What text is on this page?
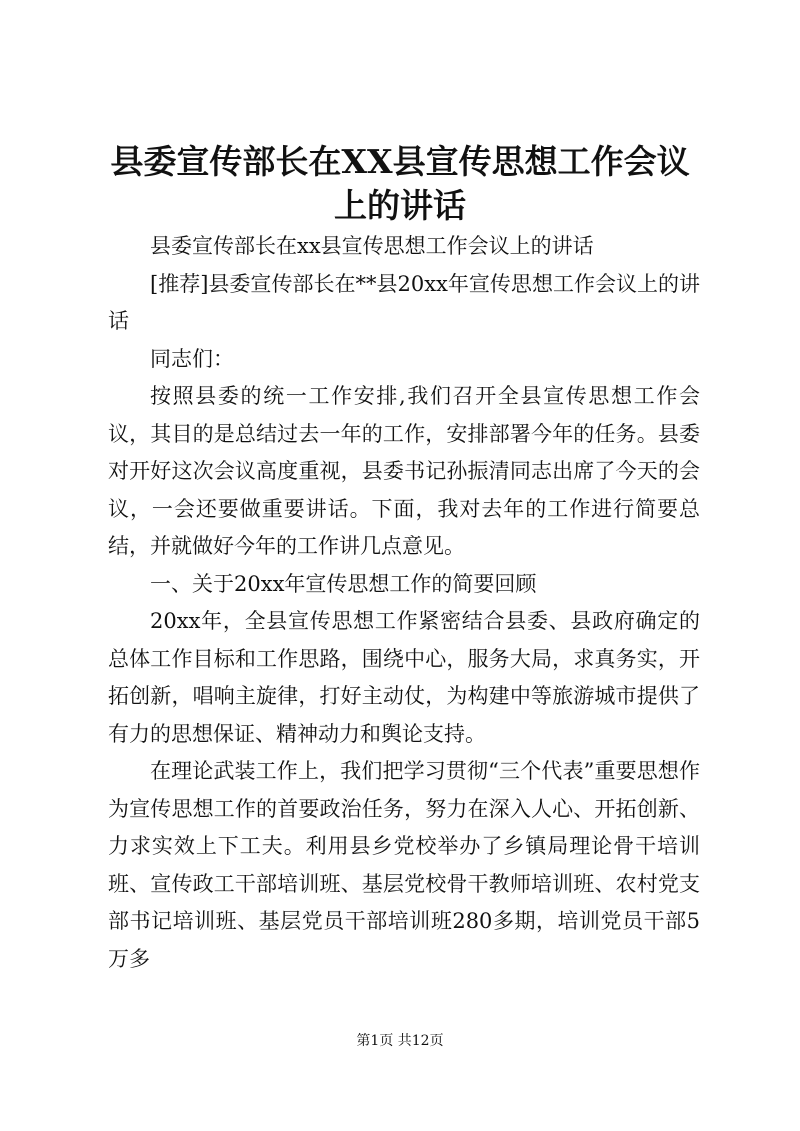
县委宣传部长在XX县宣传思想工作会议上的讲话

县委宣传部长在xx县宣传思想工作会议上的讲话

[推荐]县委宣传部长在**县20xx年宣传思想工作会议上的讲话

同志们：

按照县委的统一工作安排,我们召开全县宣传思想工作会议，其目的是总结过去一年的工作，安排部署今年的任务。县委对开好这次会议高度重视，县委书记孙振清同志出席了今天的会议，一会还要做重要讲话。下面，我对去年的工作进行简要总结，并就做好今年的工作讲几点意见。

一、关于20xx年宣传思想工作的简要回顾

20xx年，全县宣传思想工作紧密结合县委、县政府确定的总体工作目标和工作思路，围绕中心，服务大局，求真务实，开拓创新，唱响主旋律，打好主动仗，为构建中等旅游城市提供了有力的思想保证、精神动力和舆论支持。

在理论武装工作上，我们把学习贯彻“三个代表”重要思想作为宣传思想工作的首要政治任务，努力在深入人心、开拓创新、力求实效上下工夫。利用县乡党校举办了乡镇局理论骨干培训班、宣传政工干部培训班、基层党校骨干教师培训班、农村党支部书记培训班、基层党员干部培训班280多期，培训党员干部5万多

第1页 共12页
